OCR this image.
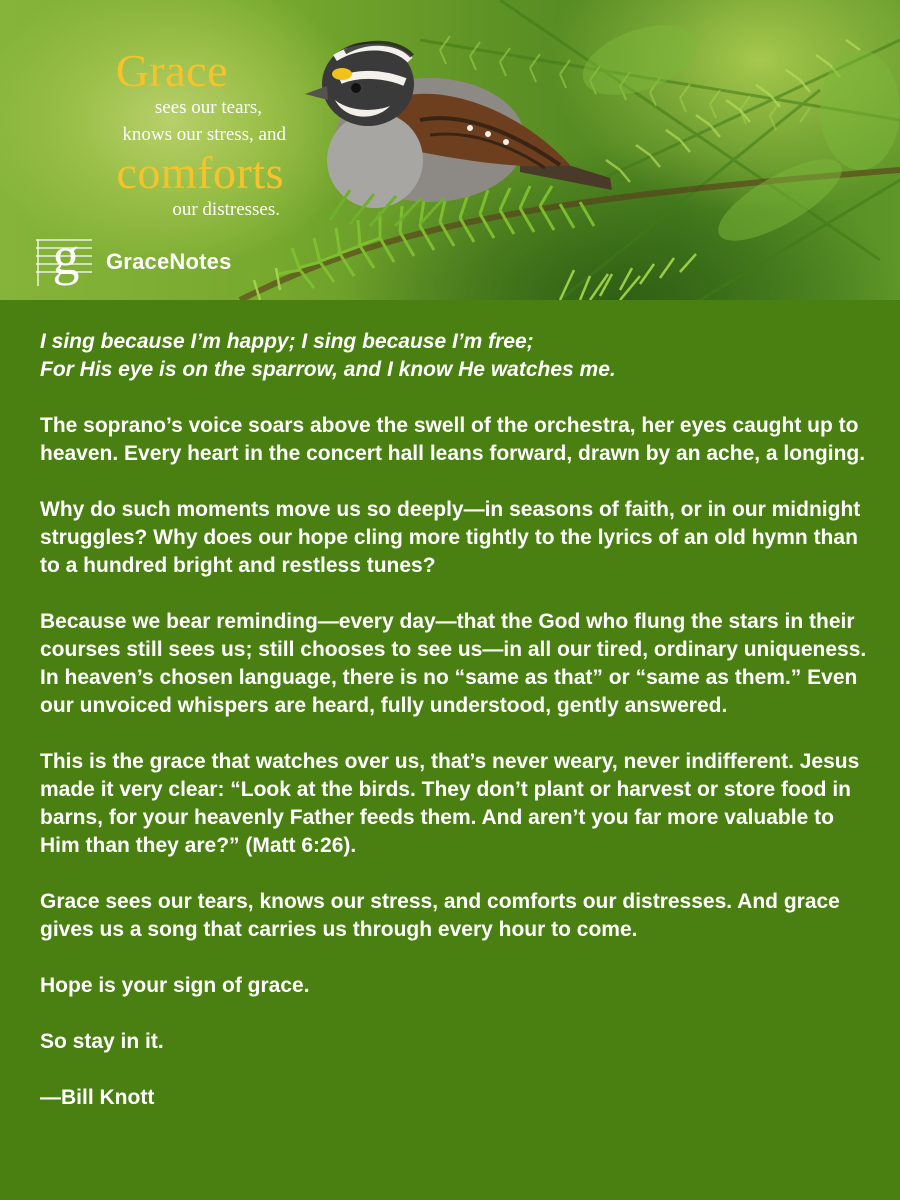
Grace
sees our tears,
knows our stress, and
comforts
our distresses.
g GraceNotes

I sing because I’m happy; I sing because I’m free;
For His eye is on the sparrow, and I know He watches me.

The soprano’s voice soars above the swell of the orchestra, her eyes caught up to heaven. Every heart in the concert hall leans forward, drawn by an ache, a longing.

Why do such moments move us so deeply—in seasons of faith, or in our midnight struggles? Why does our hope cling more tightly to the lyrics of an old hymn than to a hundred bright and restless tunes?

Because we bear reminding—every day—that the God who flung the stars in their courses still sees us; still chooses to see us—in all our tired, ordinary uniqueness. In heaven’s chosen language, there is no “same as that” or “same as them.” Even our unvoiced whispers are heard, fully understood, gently answered.

This is the grace that watches over us, that’s never weary, never indifferent. Jesus made it very clear: “Look at the birds. They don’t plant or harvest or store food in barns, for your heavenly Father feeds them. And aren’t you far more valuable to Him than they are?” (Matt 6:26).

Grace sees our tears, knows our stress, and comforts our distresses. And grace gives us a song that carries us through every hour to come.

Hope is your sign of grace.

So stay in it.

—Bill Knott
